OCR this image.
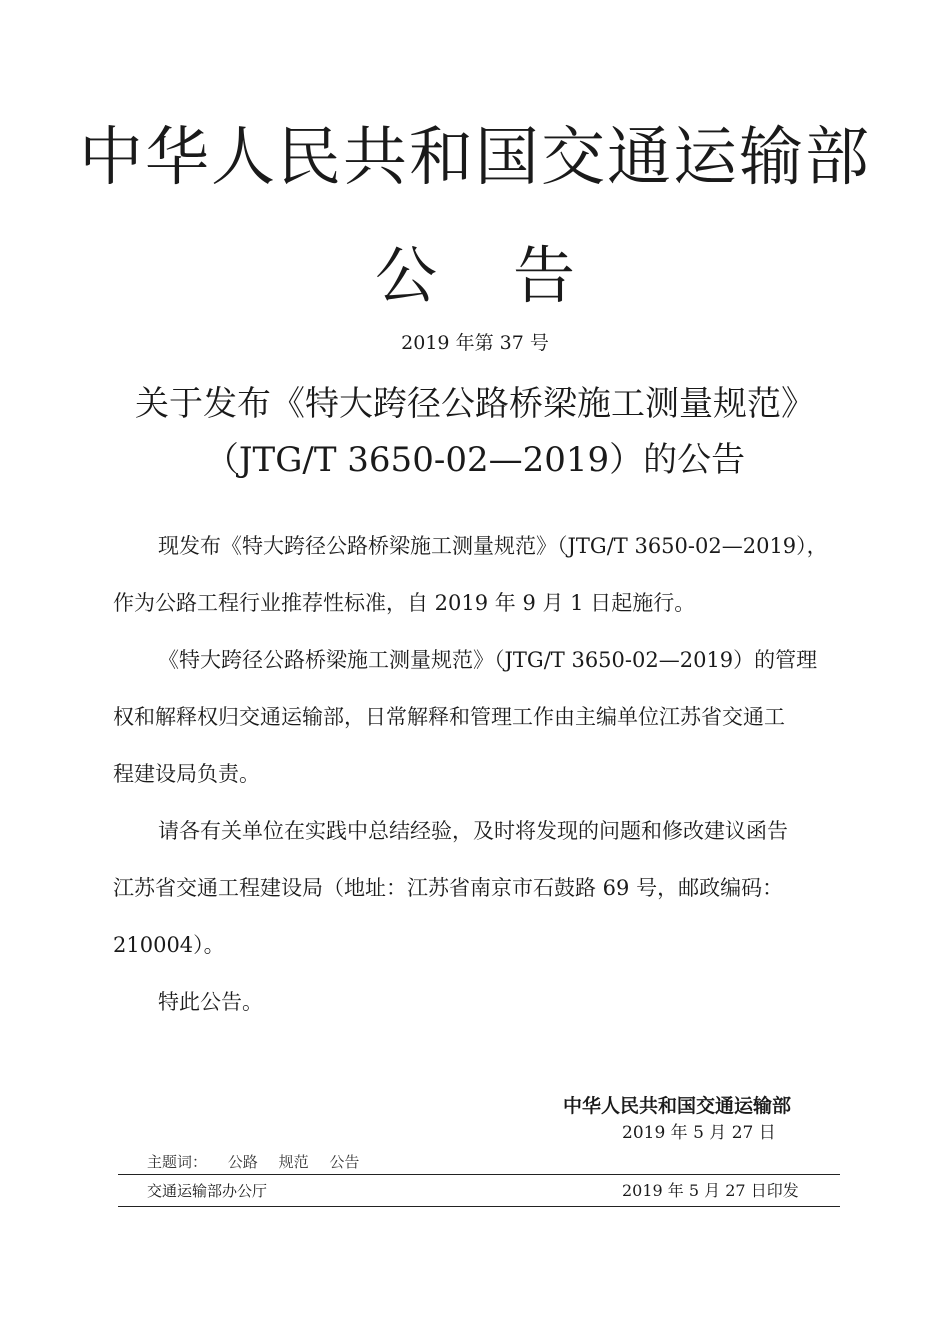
中华人民共和国交通运输部
公 告
2019 年第 37 号
关于发布《特大跨径公路桥梁施工测量规范》
（JTG/T 3650-02—2019）的公告
现发布《特大跨径公路桥梁施工测量规范》（JTG/T 3650-02—2019），
作为公路工程行业推荐性标准，自 2019 年 9 月 1 日起施行。
《特大跨径公路桥梁施工测量规范》（JTG/T 3650-02—2019）的管理
权和解释权归交通运输部，日常解释和管理工作由主编单位江苏省交通工
程建设局负责。
请各有关单位在实践中总结经验，及时将发现的问题和修改建议函告
江苏省交通工程建设局（地址：江苏省南京市石鼓路 69 号，邮政编码：
210004）。
特此公告。
中华人民共和国交通运输部
2019 年 5 月 27 日
主题词： 公路 规范 公告
交通运输部办公厅	2019 年 5 月 27 日印发
